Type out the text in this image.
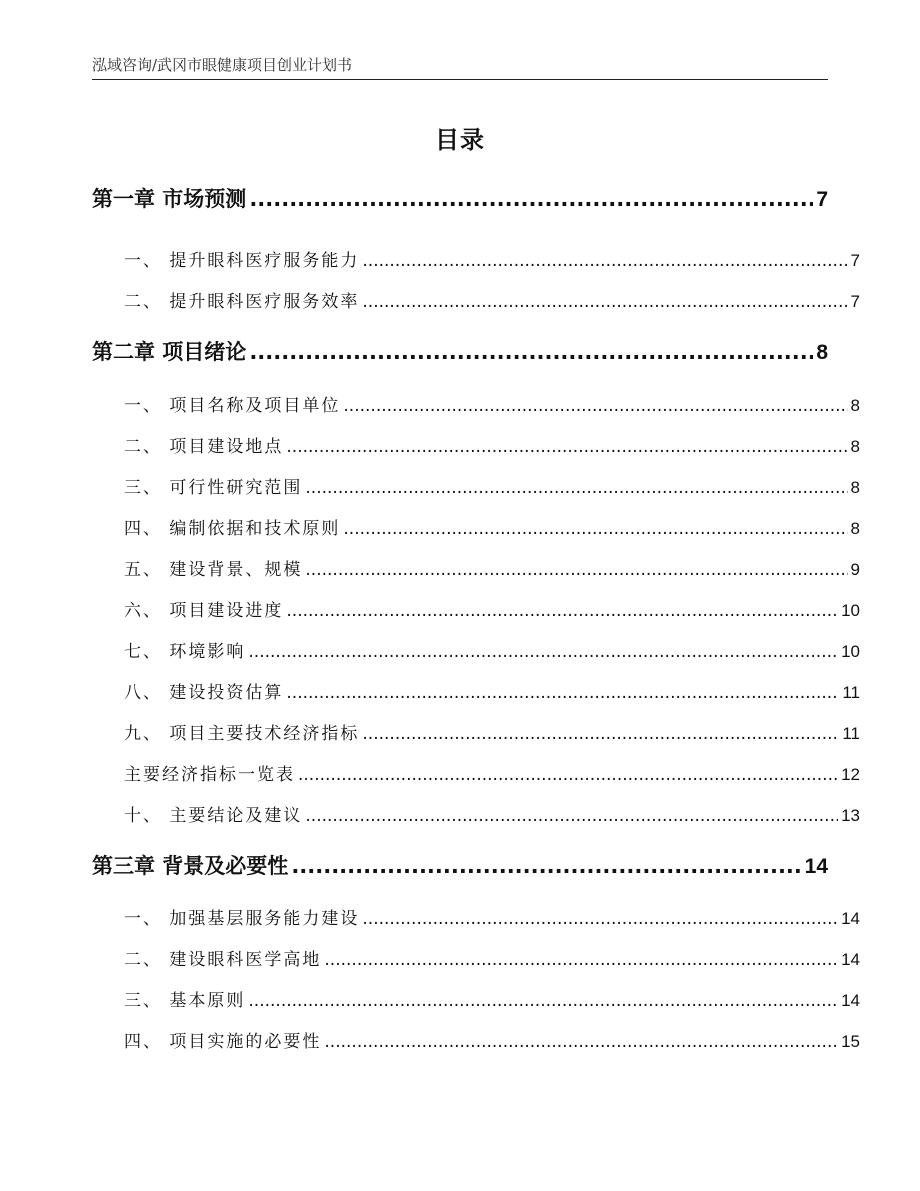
泓域咨询/武冈市眼健康项目创业计划书
目录
第一章 市场预测 .....	7
一、 提升眼科医疗服务能力 .....	7
二、 提升眼科医疗服务效率 .....	7
第二章 项目绪论 .....	8
一、 项目名称及项目单位 .....	8
二、 项目建设地点 .....	8
三、 可行性研究范围 .....	8
四、 编制依据和技术原则 .....	8
五、 建设背景、规模 .....	9
六、 项目建设进度 .....	10
七、 环境影响 .....	10
八、 建设投资估算 .....	11
九、 项目主要技术经济指标 .....	11
主要经济指标一览表 .....	12
十、 主要结论及建议 .....	13
第三章 背景及必要性 .....	14
一、 加强基层服务能力建设 .....	14
二、 建设眼科医学高地 .....	14
三、 基本原则 .....	14
四、 项目实施的必要性 .....	15
